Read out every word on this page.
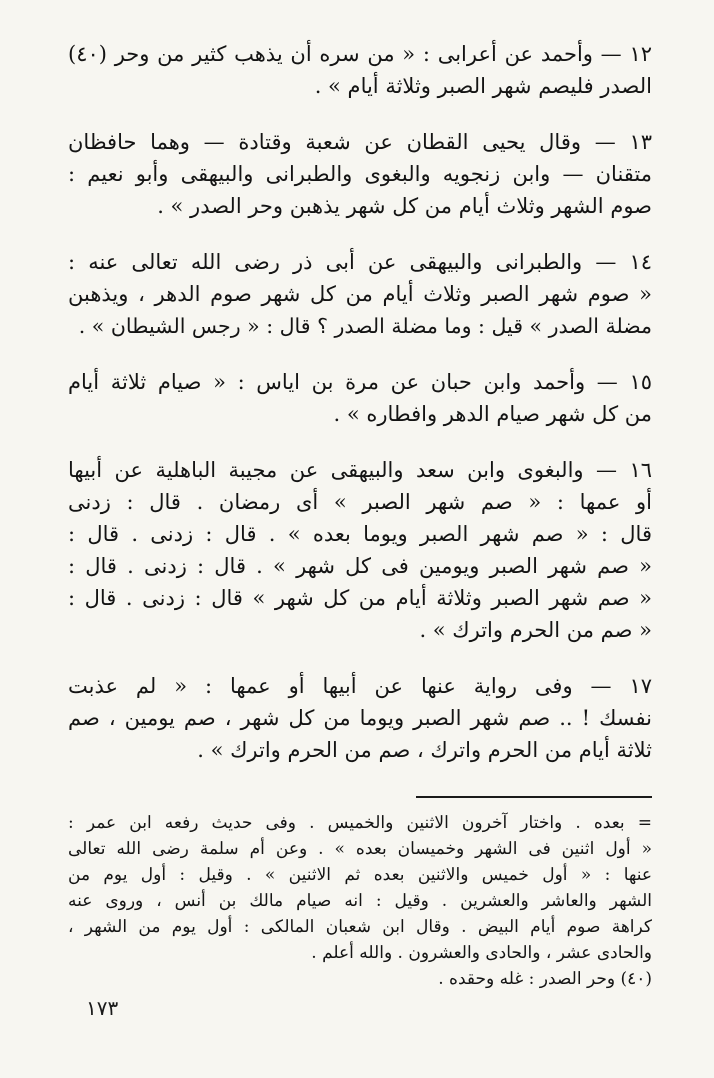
١٢ — وأحمد عن أعرابى : « من سره أن يذهب كثير من وحر (٤٠)
الصدر فليصم شهر الصبر وثلاثة أيام » .
١٣ — وقال يحيى القطان عن شعبة وقتادة — وهما حافظان
متقنان — وابن زنجويه والبغوى والطبرانى والبيهقى وأبو نعيم :
صوم الشهر وثلاث أيام من كل شهر يذهبن وحر الصدر » .
١٤ — والطبرانى والبيهقى عن أبى ذر رضى الله تعالى عنه :
« صوم شهر الصبر وثلاث أيام من كل شهر صوم الدهر ، ويذهبن
مضلة الصدر » قيل : وما مضلة الصدر ؟ قال : « رجس الشيطان » .
١٥ — وأحمد وابن حبان عن مرة بن اياس : « صيام ثلاثة أيام
من كل شهر صيام الدهر وافطاره » .
١٦ — والبغوى وابن سعد والبيهقى عن مجيبة الباهلية عن أبيها
أو عمها : « صم شهر الصبر » أى رمضان . قال : زدنى
قال : « صم شهر الصبر ويوما بعده » . قال : زدنى . قال :
« صم شهر الصبر ويومين فى كل شهر » . قال : زدنى . قال :
« صم شهر الصبر وثلاثة أيام من كل شهر » قال : زدنى . قال :
« صم من الحرم واترك » .
١٧ — وفى رواية عنها عن أبيها أو عمها : « لم عذبت
نفسك ! .. صم شهر الصبر ويوما من كل شهر ، صم يومين ، صم
ثلاثة أيام من الحرم واترك ، صم من الحرم واترك » .
= بعده . واختار آخرون الاثنين والخميس . وفى حديث رفعه ابن عمر :
« أول اثنين فى الشهر وخميسان بعده » . وعن أم سلمة رضى الله تعالى
عنها : « أول خميس والاثنين بعده ثم الاثنين » . وقيل : أول يوم من
الشهر والعاشر والعشرين . وقيل : انه صيام مالك بن أنس ، وروى عنه
كراهة صوم أيام البيض . وقال ابن شعبان المالكى : أول يوم من الشهر ،
والحادى عشر ، والحادى والعشرون . والله أعلم .
(٤٠) وحر الصدر : غله وحقده .
١٧٣
